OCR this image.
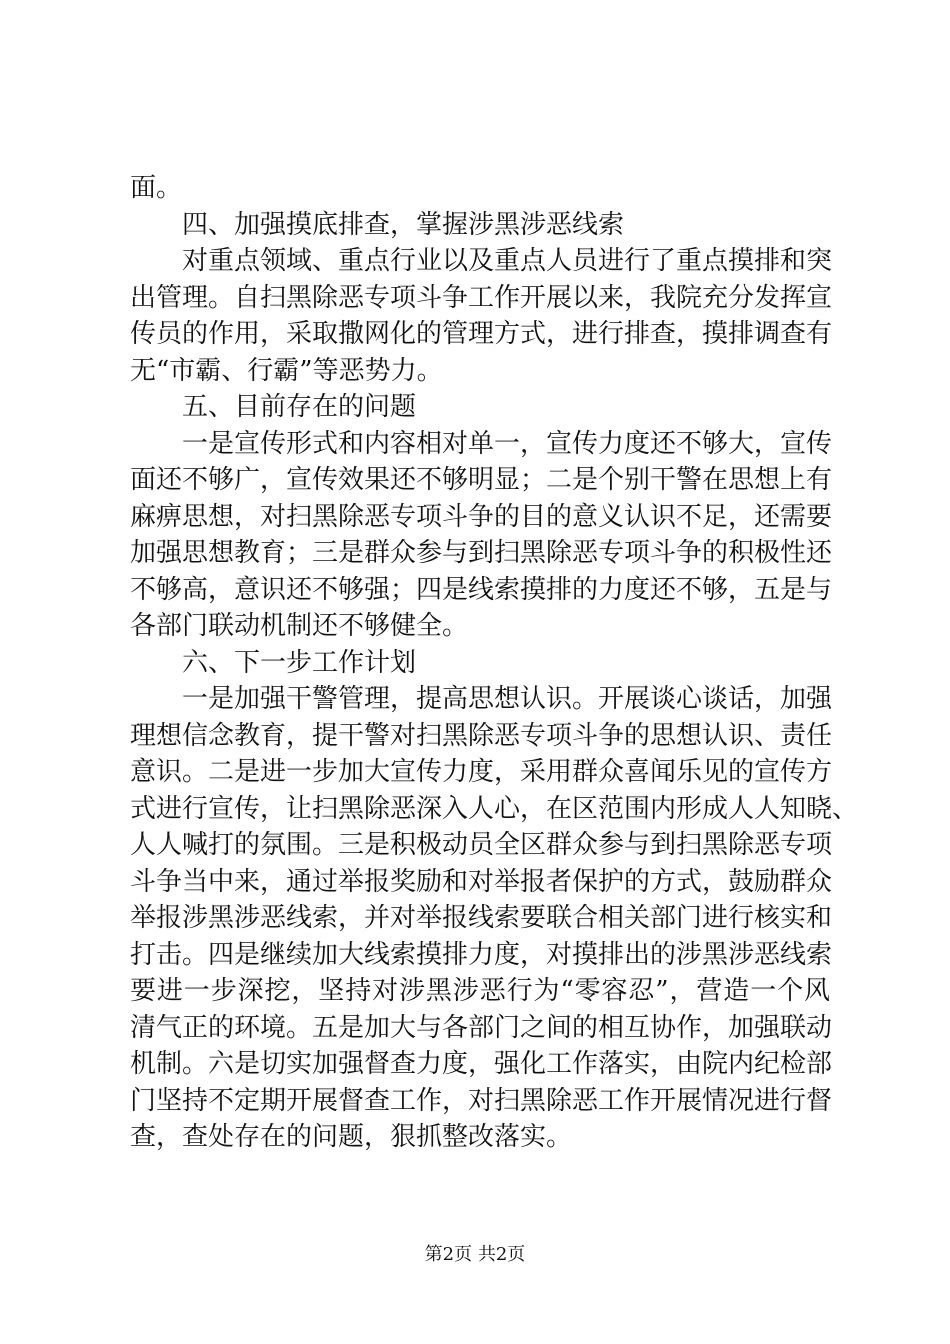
面。
四、加强摸底排查，掌握涉黑涉恶线索
对重点领域、重点行业以及重点人员进行了重点摸排和突
出管理。自扫黑除恶专项斗争工作开展以来，我院充分发挥宣
传员的作用，采取撒网化的管理方式，进行排查，摸排调查有
无“市霸、行霸”等恶势力。
五、目前存在的问题
一是宣传形式和内容相对单一，宣传力度还不够大，宣传
面还不够广，宣传效果还不够明显；二是个别干警在思想上有
麻痹思想，对扫黑除恶专项斗争的目的意义认识不足，还需要
加强思想教育；三是群众参与到扫黑除恶专项斗争的积极性还
不够高，意识还不够强；四是线索摸排的力度还不够，五是与
各部门联动机制还不够健全。
六、下一步工作计划
一是加强干警管理，提高思想认识。开展谈心谈话，加强
理想信念教育，提干警对扫黑除恶专项斗争的思想认识、责任
意识。二是进一步加大宣传力度，采用群众喜闻乐见的宣传方
式进行宣传，让扫黑除恶深入人心，在区范围内形成人人知晓、
人人喊打的氛围。三是积极动员全区群众参与到扫黑除恶专项
斗争当中来，通过举报奖励和对举报者保护的方式，鼓励群众
举报涉黑涉恶线索，并对举报线索要联合相关部门进行核实和
打击。四是继续加大线索摸排力度，对摸排出的涉黑涉恶线索
要进一步深挖，坚持对涉黑涉恶行为“零容忍”，营造一个风
清气正的环境。五是加大与各部门之间的相互协作，加强联动
机制。六是切实加强督查力度，强化工作落实，由院内纪检部
门坚持不定期开展督查工作，对扫黑除恶工作开展情况进行督
查，查处存在的问题，狠抓整改落实。
第2页 共2页
